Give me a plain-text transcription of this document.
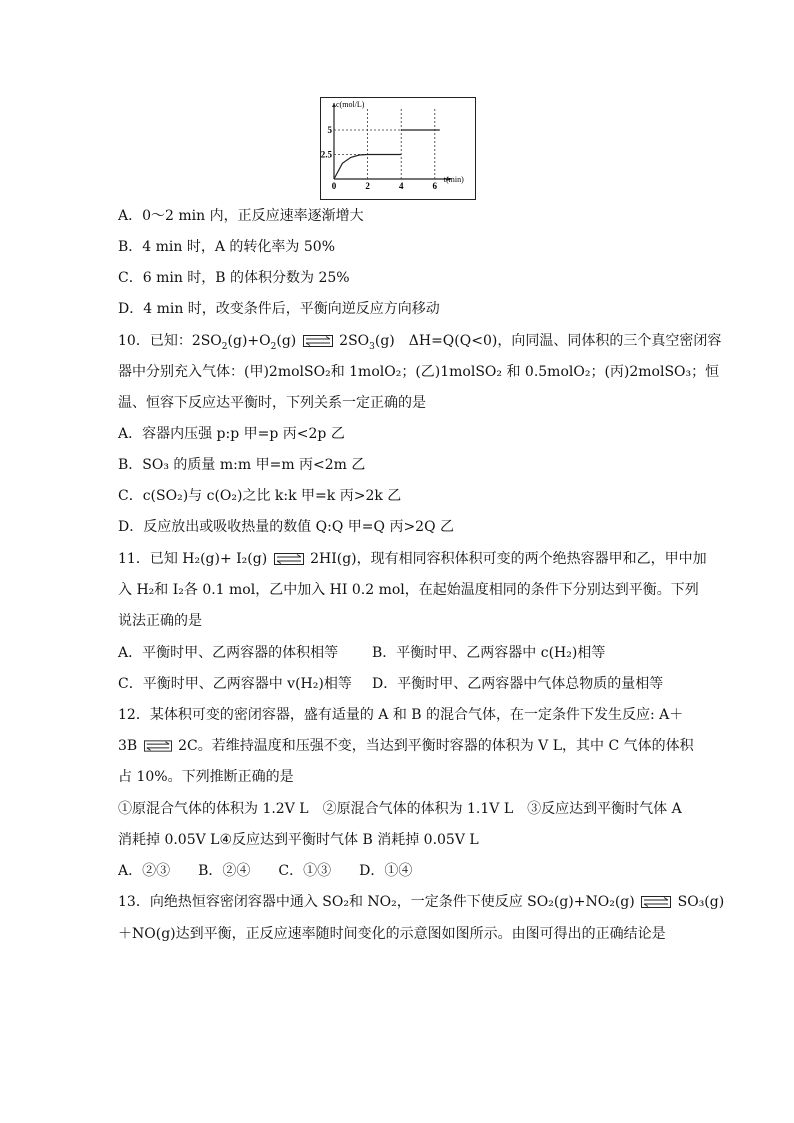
0	2	4	6
2.5
5
c(mol/L)
t(min)
A．0～2 min 内，正反应速率逐渐增大
B．4 min 时，A 的转化率为 50%
C．6 min 时，B 的体积分数为 25%
D．4 min 时，改变条件后，平衡向逆反应方向移动
10．已知：$2SO_2(g)+O_2(g)$	$2SO_3(g)$　ΔH=Q(Q<0)，向同温、同体积的三个真空密闭容
器中分别充入气体：(甲)2molSO₂和 1molO₂；(乙)1molSO₂ 和 0.5molO₂；(丙)2molSO₃；恒
温、恒容下反应达平衡时，下列关系一定正确的是
A．容器内压强 p:p 甲=p 丙<2p 乙
B．SO₃ 的质量 m:m 甲=m 丙<2m 乙
C．c(SO₂)与 c(O₂)之比 k:k 甲=k 丙>2k 乙
D．反应放出或吸收热量的数值 Q:Q 甲=Q 丙>2Q 乙
11．已知 H₂(g)+ I₂(g)	2HI(g)，现有相同容积体积可变的两个绝热容器甲和乙，甲中加
入 H₂和 I₂各 0.1 mol，乙中加入 HI 0.2 mol，在起始温度相同的条件下分别达到平衡。下列
说法正确的是
A．平衡时甲、乙两容器的体积相等 B．平衡时甲、乙两容器中 c(H₂)相等
C．平衡时甲、乙两容器中 v(H₂)相等 D．平衡时甲、乙两容器中气体总物质的量相等
12．某体积可变的密闭容器，盛有适量的 A 和 B 的混合气体，在一定条件下发生反应: A＋
3B	2C。若维持温度和压强不变，当达到平衡时容器的体积为 V L，其中 C 气体的体积
占 10%。下列推断正确的是
①原混合气体的体积为 1.2V L　②原混合气体的体积为 1.1V L　③反应达到平衡时气体 A
消耗掉 0.05V L④反应达到平衡时气体 B 消耗掉 0.05V L
A．②③　　B．②④　　C．①③　　D．①④
13．向绝热恒容密闭容器中通入 SO₂和 NO₂，一定条件下使反应 SO₂(g)+NO₂(g)	SO₃(g)
＋NO(g)达到平衡，正反应速率随时间变化的示意图如图所示。由图可得出的正确结论是
